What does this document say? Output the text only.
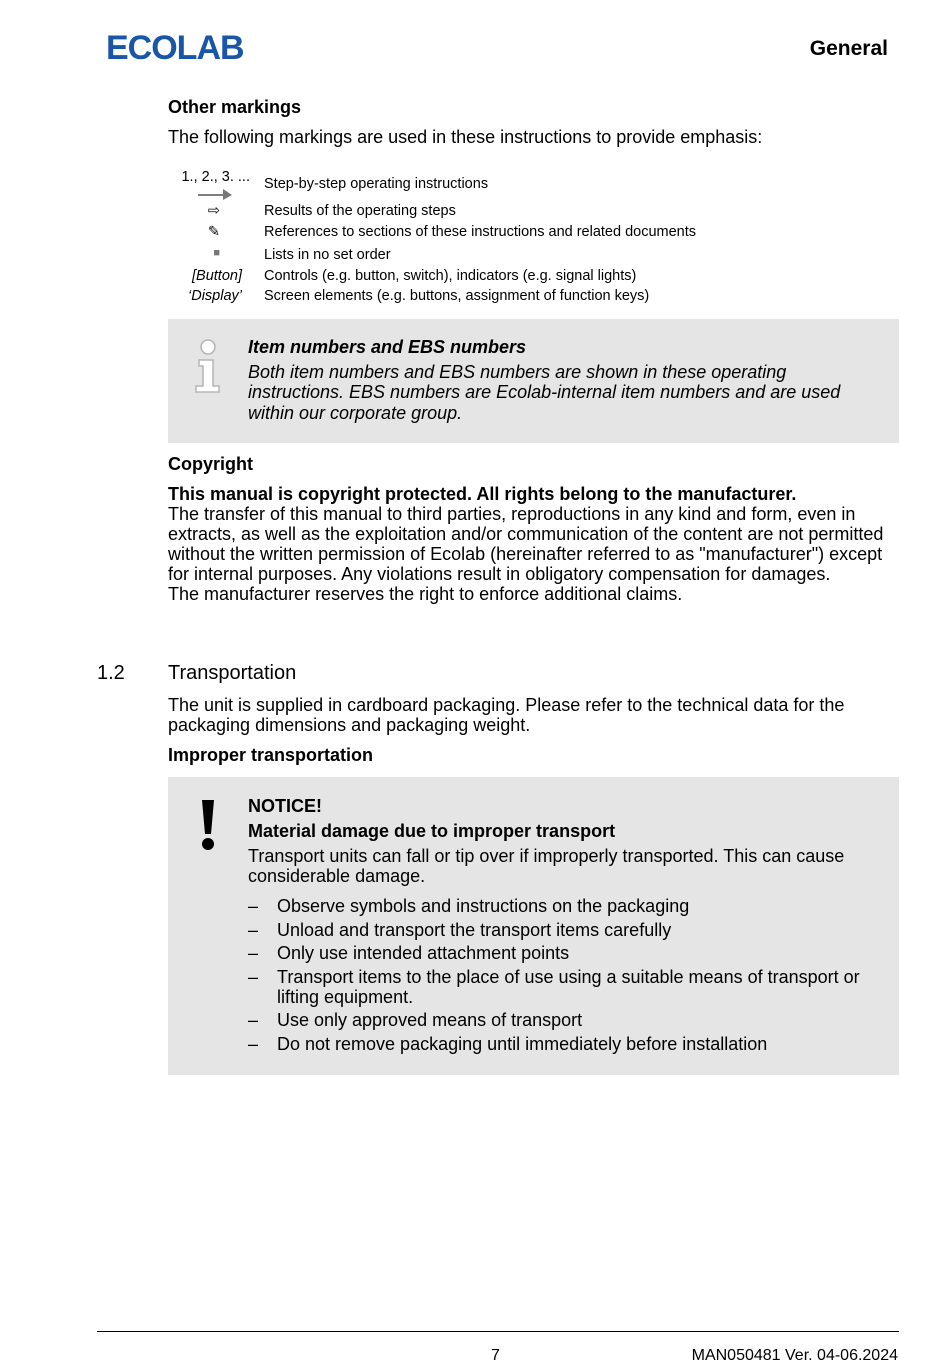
ECOLAB	General
Other markings
The following markings are used in these instructions to provide emphasis:
1., 2., 3. ... Step-by-step operating instructions
⇨	Results of the operating steps
✎	References to sections of these instructions and related documents
■	Lists in no set order
[Button] Controls (e.g. button, switch), indicators (e.g. signal lights)
‘Display’ Screen elements (e.g. buttons, assignment of function keys)
Item numbers and EBS numbers
Both item numbers and EBS numbers are shown in these operating
instructions. EBS numbers are Ecolab-internal item numbers and are used
within our corporate group.
Copyright
This manual is copyright protected. All rights belong to the manufacturer.
The transfer of this manual to third parties, reproductions in any kind and form, even in
extracts, as well as the exploitation and/or communication of the content are not permitted
without the written permission of Ecolab (hereinafter referred to as "manufacturer") except
for internal purposes. Any violations result in obligatory compensation for damages.
The manufacturer reserves the right to enforce additional claims.
1.2 Transportation
The unit is supplied in cardboard packaging. Please refer to the technical data for the
packaging dimensions and packaging weight.
Improper transportation
NOTICE!
Material damage due to improper transport
Transport units can fall or tip over if improperly transported. This can cause
considerable damage.
– Observe symbols and instructions on the packaging
– Unload and transport the transport items carefully
– Only use intended attachment points
– Transport items to the place of use using a suitable means of transport or
lifting equipment.
– Use only approved means of transport
– Do not remove packaging until immediately before installation
7	MAN050481 Ver. 04-06.2024
